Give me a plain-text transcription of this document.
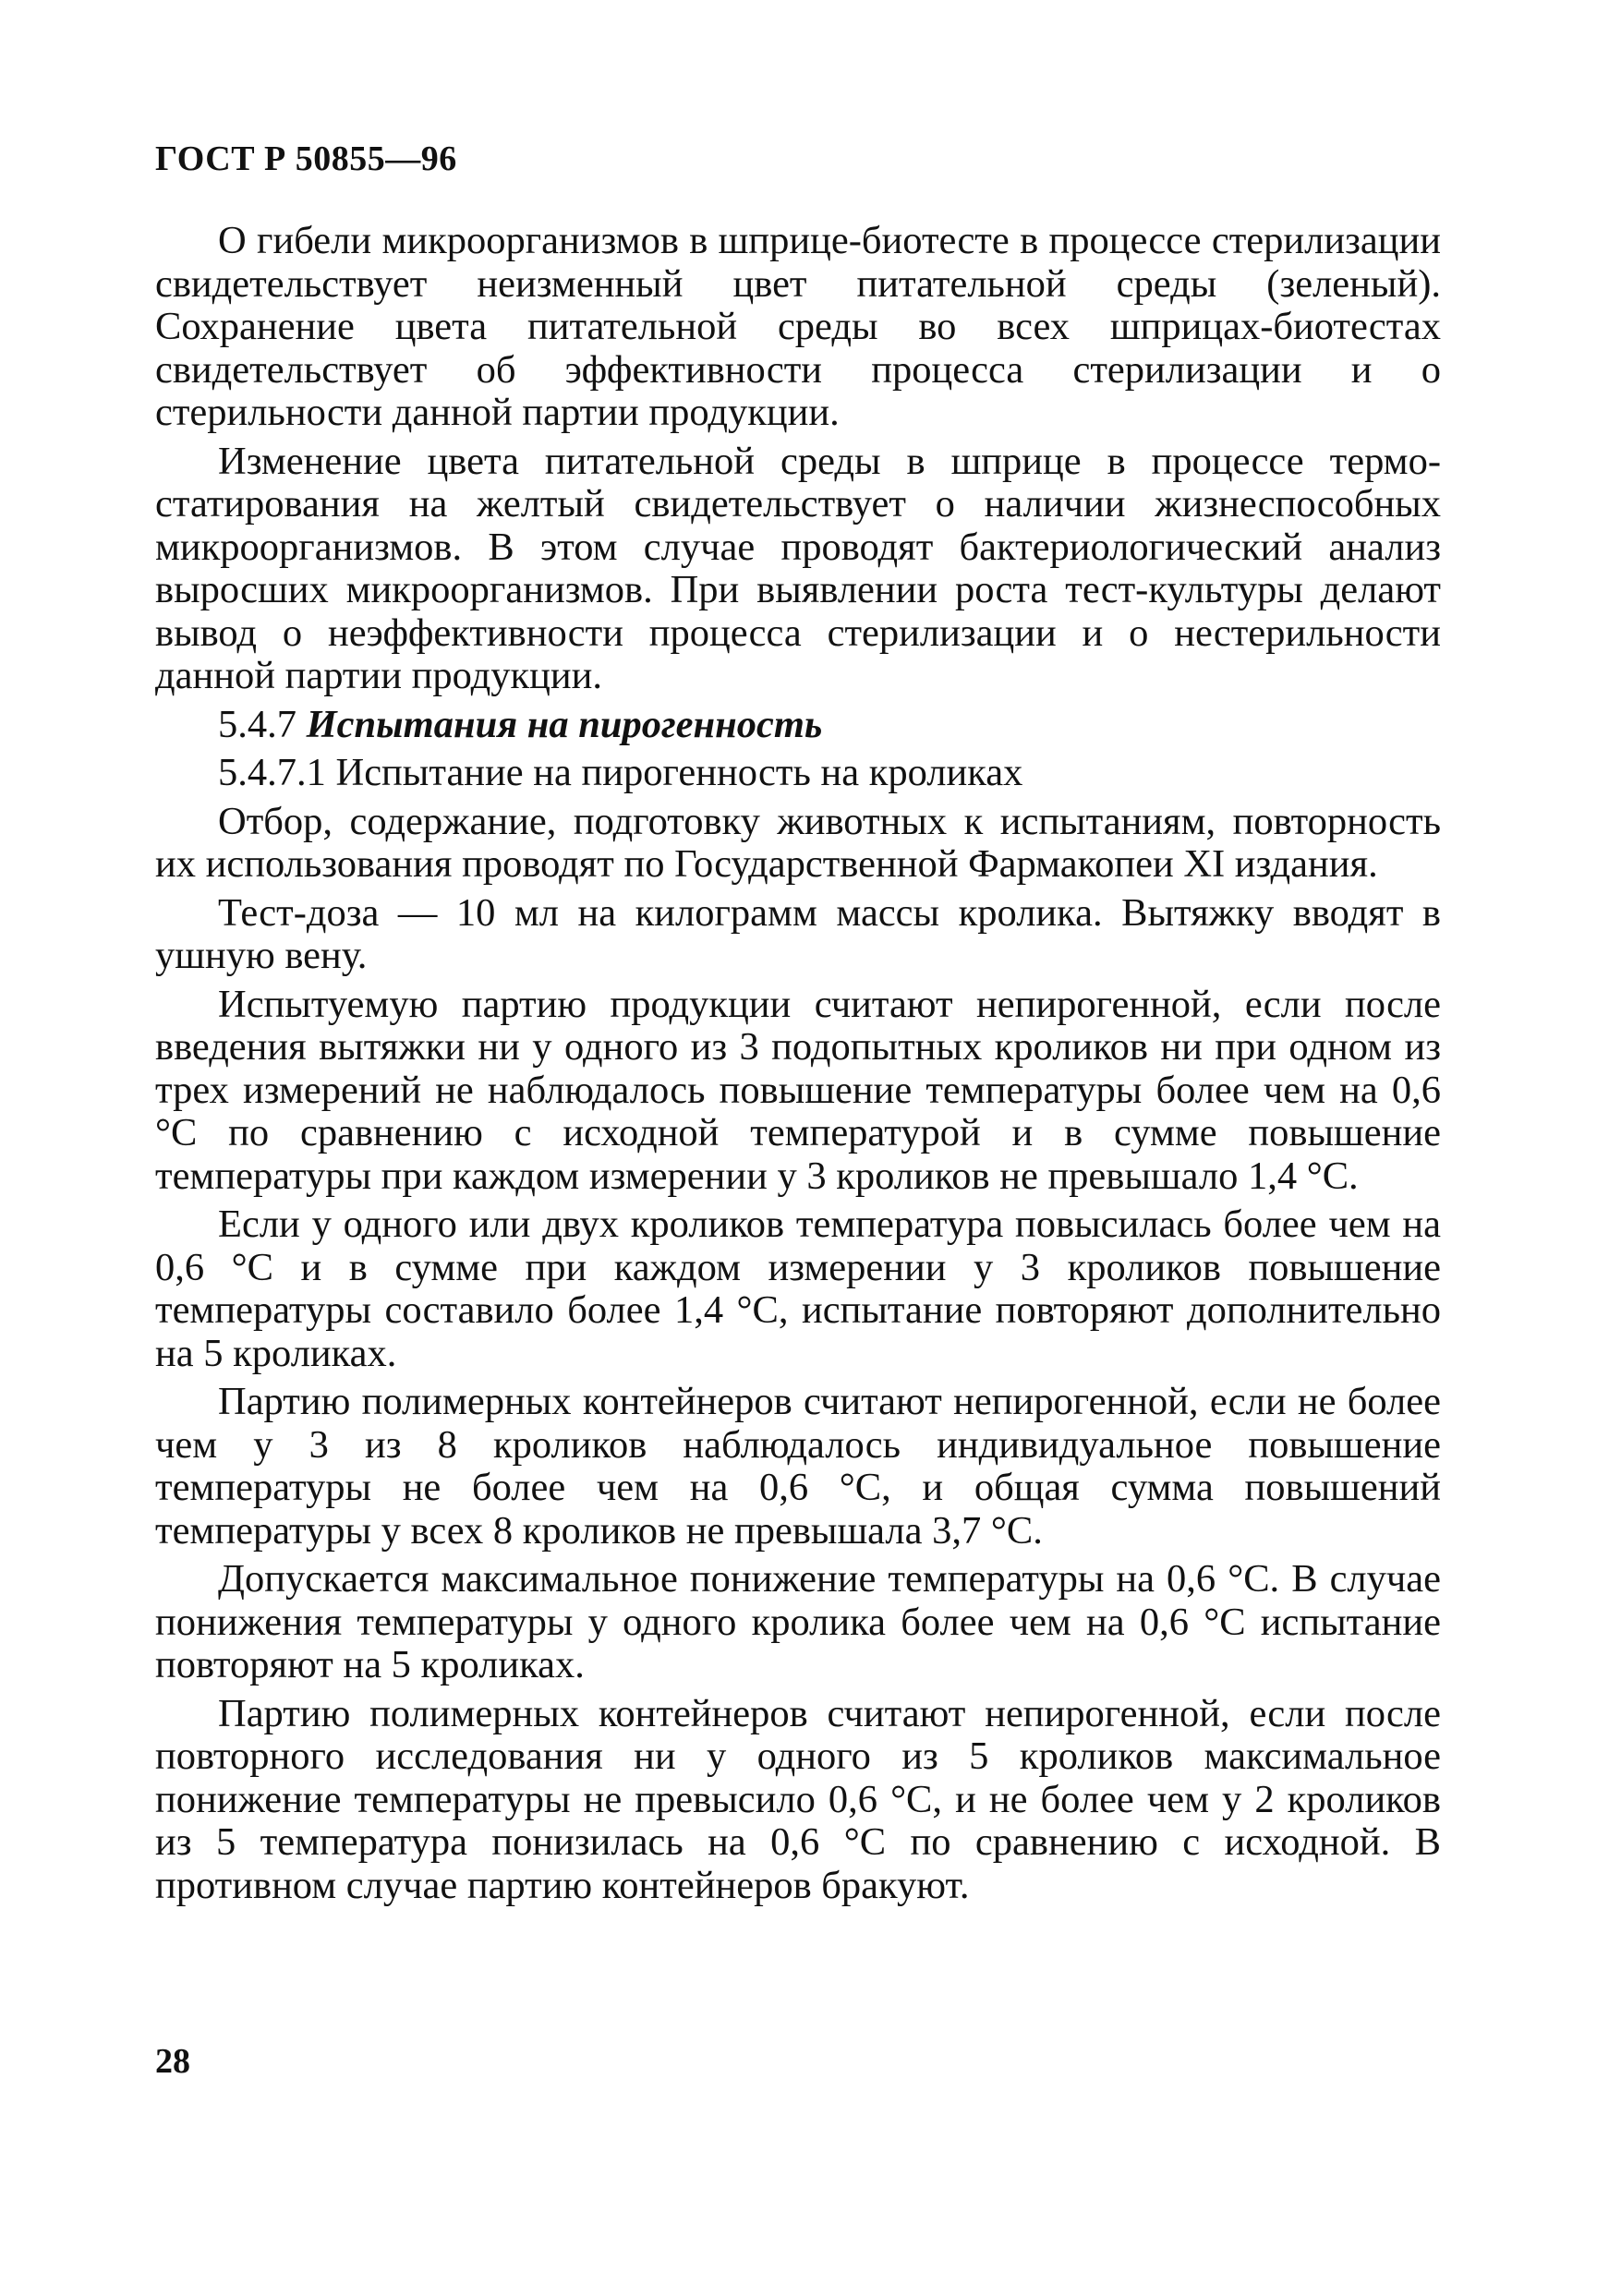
ГОСТ Р 50855—96

О гибели микроорганизмов в шприце-биотесте в процессе стерилизации свидетельствует неизменный цвет питательной среды (зеленый). Сохранение цвета питательной среды во всех шприцах-биотестах свидетельствует об эффективности процесса стерилизации и о стерильности данной партии продукции.

Изменение цвета питательной среды в шприце в процессе термостатирования на желтый свидетельствует о наличии жизнеспособных микроорганизмов. В этом случае проводят бактериологический анализ выросших микроорганизмов. При выявлении роста тест-культуры делают вывод о неэффективности процесса стерилизации и о нестерильности данной партии продукции.

5.4.7 Испытания на пирогенность

5.4.7.1 Испытание на пирогенность на кроликах

Отбор, содержание, подготовку животных к испытаниям, повторность их использования проводят по Государственной Фармакопеи XI издания.

Тест-доза — 10 мл на килограмм массы кролика. Вытяжку вводят в ушную вену.

Испытуемую партию продукции считают непирогенной, если после введения вытяжки ни у одного из 3 подопытных кроликов ни при одном из трех измерений не наблюдалось повышение температуры более чем на 0,6 °С по сравнению с исходной температурой и в сумме повышение температуры при каждом измерении у 3 кроликов не превышало 1,4 °С.

Если у одного или двух кроликов температура повысилась более чем на 0,6 °С и в сумме при каждом измерении у 3 кроликов повышение температуры составило более 1,4 °С, испытание повторяют дополнительно на 5 кроликах.

Партию полимерных контейнеров считают непирогенной, если не более чем у 3 из 8 кроликов наблюдалось индивидуальное повышение температуры не более чем на 0,6 °С, и общая сумма повышений температуры у всех 8 кроликов не превышала 3,7 °С.

Допускается максимальное понижение температуры на 0,6 °С. В случае понижения температуры у одного кролика более чем на 0,6 °С испытание повторяют на 5 кроликах.

Партию полимерных контейнеров считают непирогенной, если после повторного исследования ни у одного из 5 кроликов максимальное понижение температуры не превысило 0,6 °С, и не более чем у 2 кроликов из 5 температура понизилась на 0,6 °С по сравнению с исходной. В противном случае партию контейнеров бракуют.

28
